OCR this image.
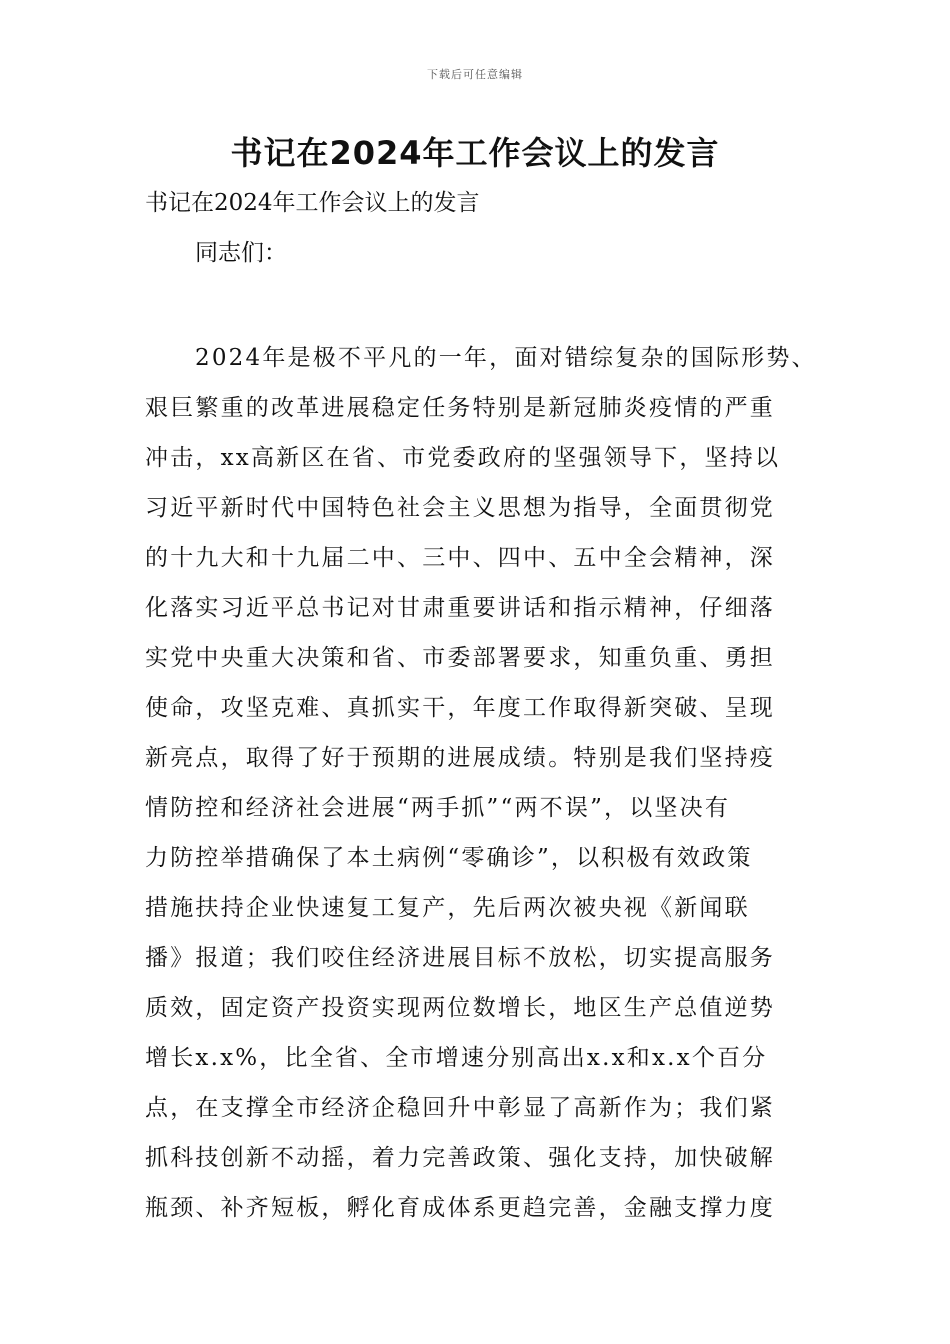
下载后可任意编辑
书记在2024年工作会议上的发言

书记在2024年工作会议上的发言

同志们：

2024年是极不平凡的一年，面对错综复杂的国际形势、
艰巨繁重的改革进展稳定任务特别是新冠肺炎疫情的严重
冲击，xx高新区在省、市党委政府的坚强领导下，坚持以
习近平新时代中国特色社会主义思想为指导，全面贯彻党
的十九大和十九届二中、三中、四中、五中全会精神，深
化落实习近平总书记对甘肃重要讲话和指示精神，仔细落
实党中央重大决策和省、市委部署要求，知重负重、勇担
使命，攻坚克难、真抓实干，年度工作取得新突破、呈现
新亮点，取得了好于预期的进展成绩。特别是我们坚持疫
情防控和经济社会进展“两手抓”“两不误”，以坚决有
力防控举措确保了本土病例“零确诊”，以积极有效政策
措施扶持企业快速复工复产，先后两次被央视《新闻联
播》报道；我们咬住经济进展目标不放松，切实提高服务
质效，固定资产投资实现两位数增长，地区生产总值逆势
增长x.x%，比全省、全市增速分别高出x.x和x.x个百分
点，在支撑全市经济企稳回升中彰显了高新作为；我们紧
抓科技创新不动摇，着力完善政策、强化支持，加快破解
瓶颈、补齐短板，孵化育成体系更趋完善，金融支撑力度
